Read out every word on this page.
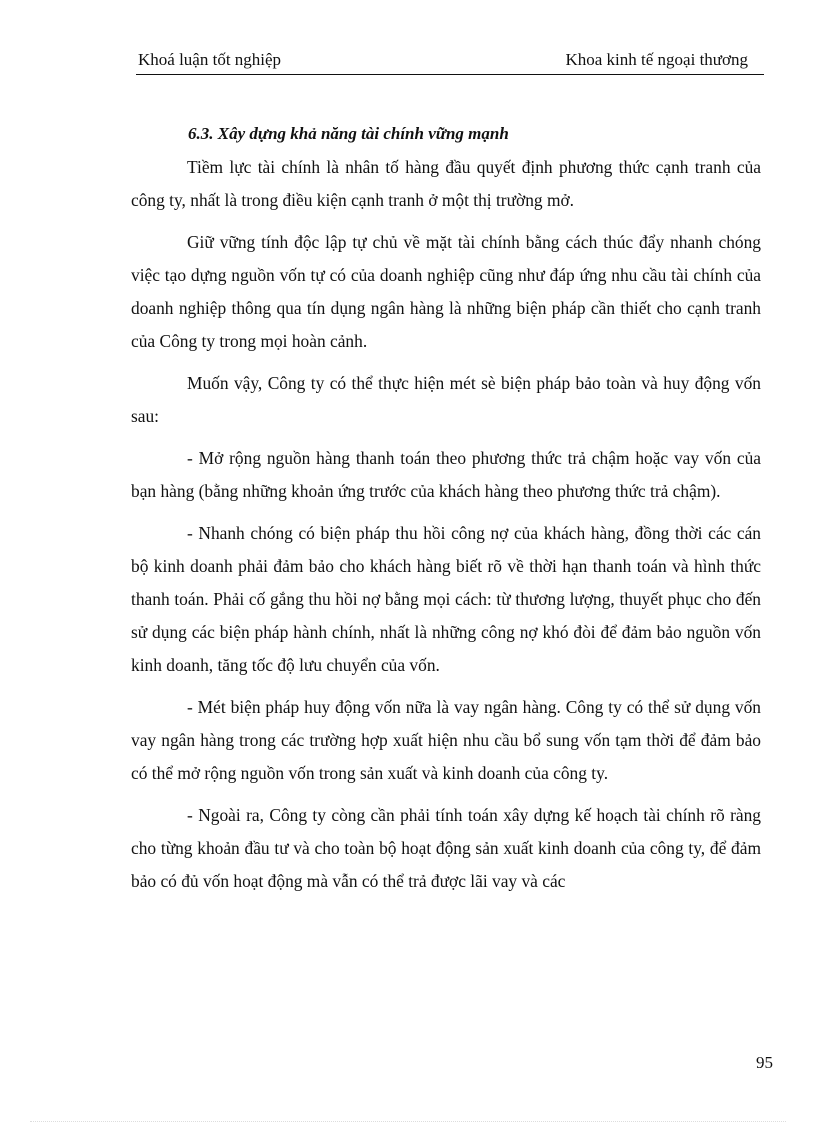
Khoá luận tốt nghiệp	Khoa kinh tế ngoại thương
6.3. Xây dựng khả năng tài chính vững mạnh

Tiềm lực tài chính là nhân tố hàng đầu quyết định phương thức cạnh tranh của công ty, nhất là trong điều kiện cạnh tranh ở một thị trường mở.

Giữ vững tính độc lập tự chủ về mặt tài chính bằng cách thúc đẩy nhanh chóng việc tạo dựng nguồn vốn tự có của doanh nghiệp cũng như đáp ứng nhu cầu tài chính của doanh nghiệp thông qua tín dụng ngân hàng là những biện pháp cần thiết cho cạnh tranh của Công ty trong mọi hoàn cảnh.

Muốn vậy, Công ty có thể thực hiện mét sè biện pháp bảo toàn và huy động vốn sau:

- Mở rộng nguồn hàng thanh toán theo phương thức trả chậm hoặc vay vốn của bạn hàng (bằng những khoản ứng trước của khách hàng theo phương thức trả chậm).

- Nhanh chóng có biện pháp thu hồi công nợ của khách hàng, đồng thời các cán bộ kinh doanh phải đảm bảo cho khách hàng biết rõ về thời hạn thanh toán và hình thức thanh toán. Phải cố gắng thu hồi nợ bằng mọi cách: từ thương lượng, thuyết phục cho đến sử dụng các biện pháp hành chính, nhất là những công nợ khó đòi để đảm bảo nguồn vốn kinh doanh, tăng tốc độ lưu chuyển của vốn.

- Mét biện pháp huy động vốn nữa là vay ngân hàng. Công ty có thể sử dụng vốn vay ngân hàng trong các trường hợp xuất hiện nhu cầu bổ sung vốn tạm thời để đảm bảo có thể mở rộng nguồn vốn trong sản xuất và kinh doanh của công ty.

- Ngoài ra, Công ty còng cần phải tính toán xây dựng kế hoạch tài chính rõ ràng cho từng khoản đầu tư và cho toàn bộ hoạt động sản xuất kinh doanh của công ty, để đảm bảo có đủ vốn hoạt động mà vẫn có thể trả được lãi vay và các

95
